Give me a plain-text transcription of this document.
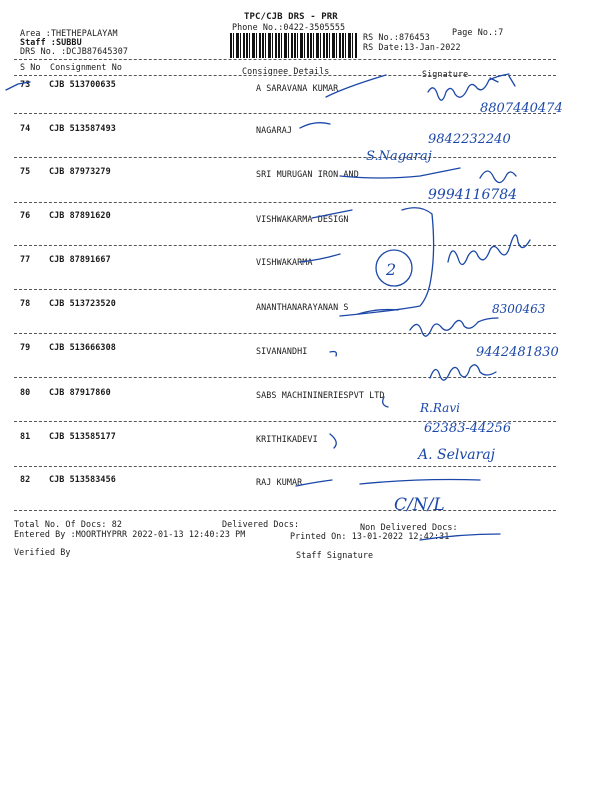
TPC/CJB DRS - PRR
Phone No.:0422-3505555
Area :THETHEPALAYAM
Staff :SUBBU
DRS No. :DCJB87645307
Page No.:7
RS No.:876453
RS Date:13-Jan-2022
S No Consignment No	Consignee Details	Signature
73 CJB 513700635	A SARAVANA KUMAR
74 CJB 513587493	NAGARAJ
75 CJB 87973279	SRI MURUGAN IRON AND
76 CJB 87891620	VISHWAKARMA DESIGN
77 CJB 87891667	VISHWAKARMA
78 CJB 513723520	ANANTHANARAYANAN S
79 CJB 513666308	SIVANANDHI
80 CJB 87917860	SABS MACHININERIESPVT LTD
81 CJB 513585177	KRITHIKADEVI
82 CJB 513583456	RAJ KUMAR
Total No. Of Docs: 82	Delivered Docs:	Non Delivered Docs:
Entered By :MOORTHYPRR 2022-01-13 12:40:23 PM	Printed On: 13-01-2022 12:42:31
Verified By	Staff Signature
8807440474
9842232240
S.Nagaraj
9994116784
2
8300463
9442481830
R.Ravi
62383-44256
A. Selvaraj
C/N/L
